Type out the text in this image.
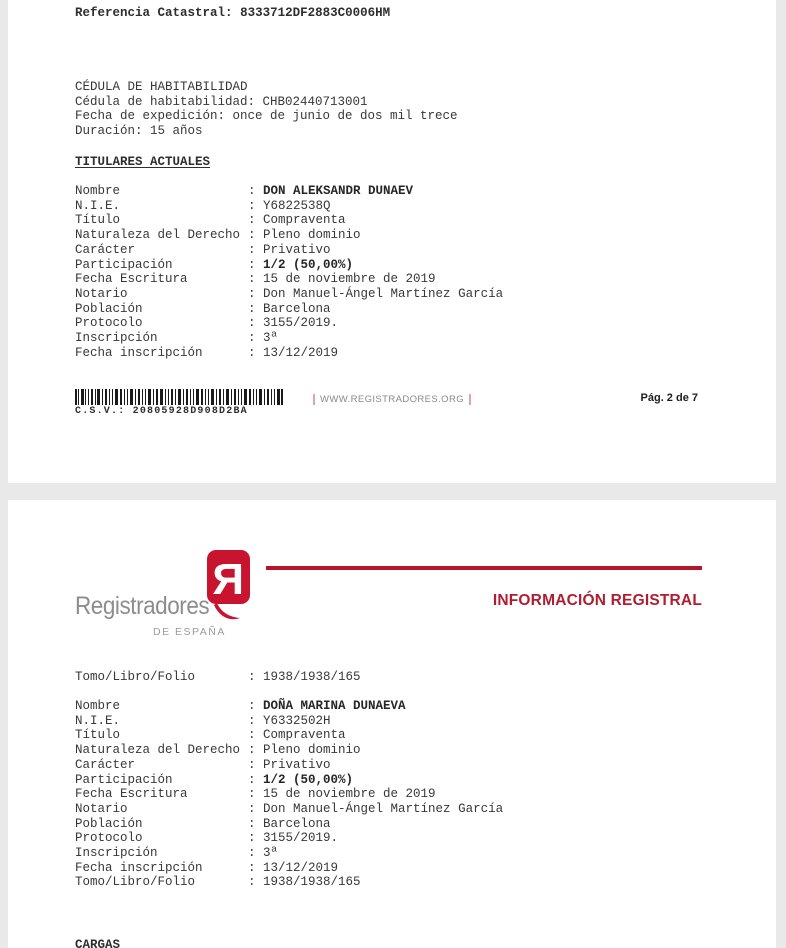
Referencia Catastral: 8333712DF2883C0006HM
CÉDULA DE HABITABILIDAD
Cédula de habitabilidad: CHB02440713001
Fecha de expedición: once de junio de dos mil trece
Duración: 15 años
TITULARES ACTUALES
Nombre	: DON ALEKSANDR DUNAEV
N.I.E.	: Y6822538Q
Título	: Compraventa
Naturaleza del Derecho : Pleno dominio
Carácter	: Privativo
Participación	: 1/2 (50,00%)
Fecha Escritura	: 15 de noviembre de 2019
Notario	: Don Manuel-Ángel Martínez García
Población	: Barcelona
Protocolo	: 3155/2019.
Inscripción	: 3ª
Fecha inscripción	: 13/12/2019
C.S.V.: 20805928D908D2BA
WWW.REGISTRADORES.ORG	Pág. 2 de 7
R
Registradores
DE ESPAÑA
INFORMACIÓN REGISTRAL
Tomo/Libro/Folio	: 1938/1938/165
Nombre	: DOÑA MARINA DUNAEVA
N.I.E.	: Y6332502H
Título	: Compraventa
Naturaleza del Derecho : Pleno dominio
Carácter	: Privativo
Participación	: 1/2 (50,00%)
Fecha Escritura	: 15 de noviembre de 2019
Notario	: Don Manuel-Ángel Martínez García
Población	: Barcelona
Protocolo	: 3155/2019.
Inscripción	: 3ª
Fecha inscripción	: 13/12/2019
Tomo/Libro/Folio	: 1938/1938/165
CARGAS
